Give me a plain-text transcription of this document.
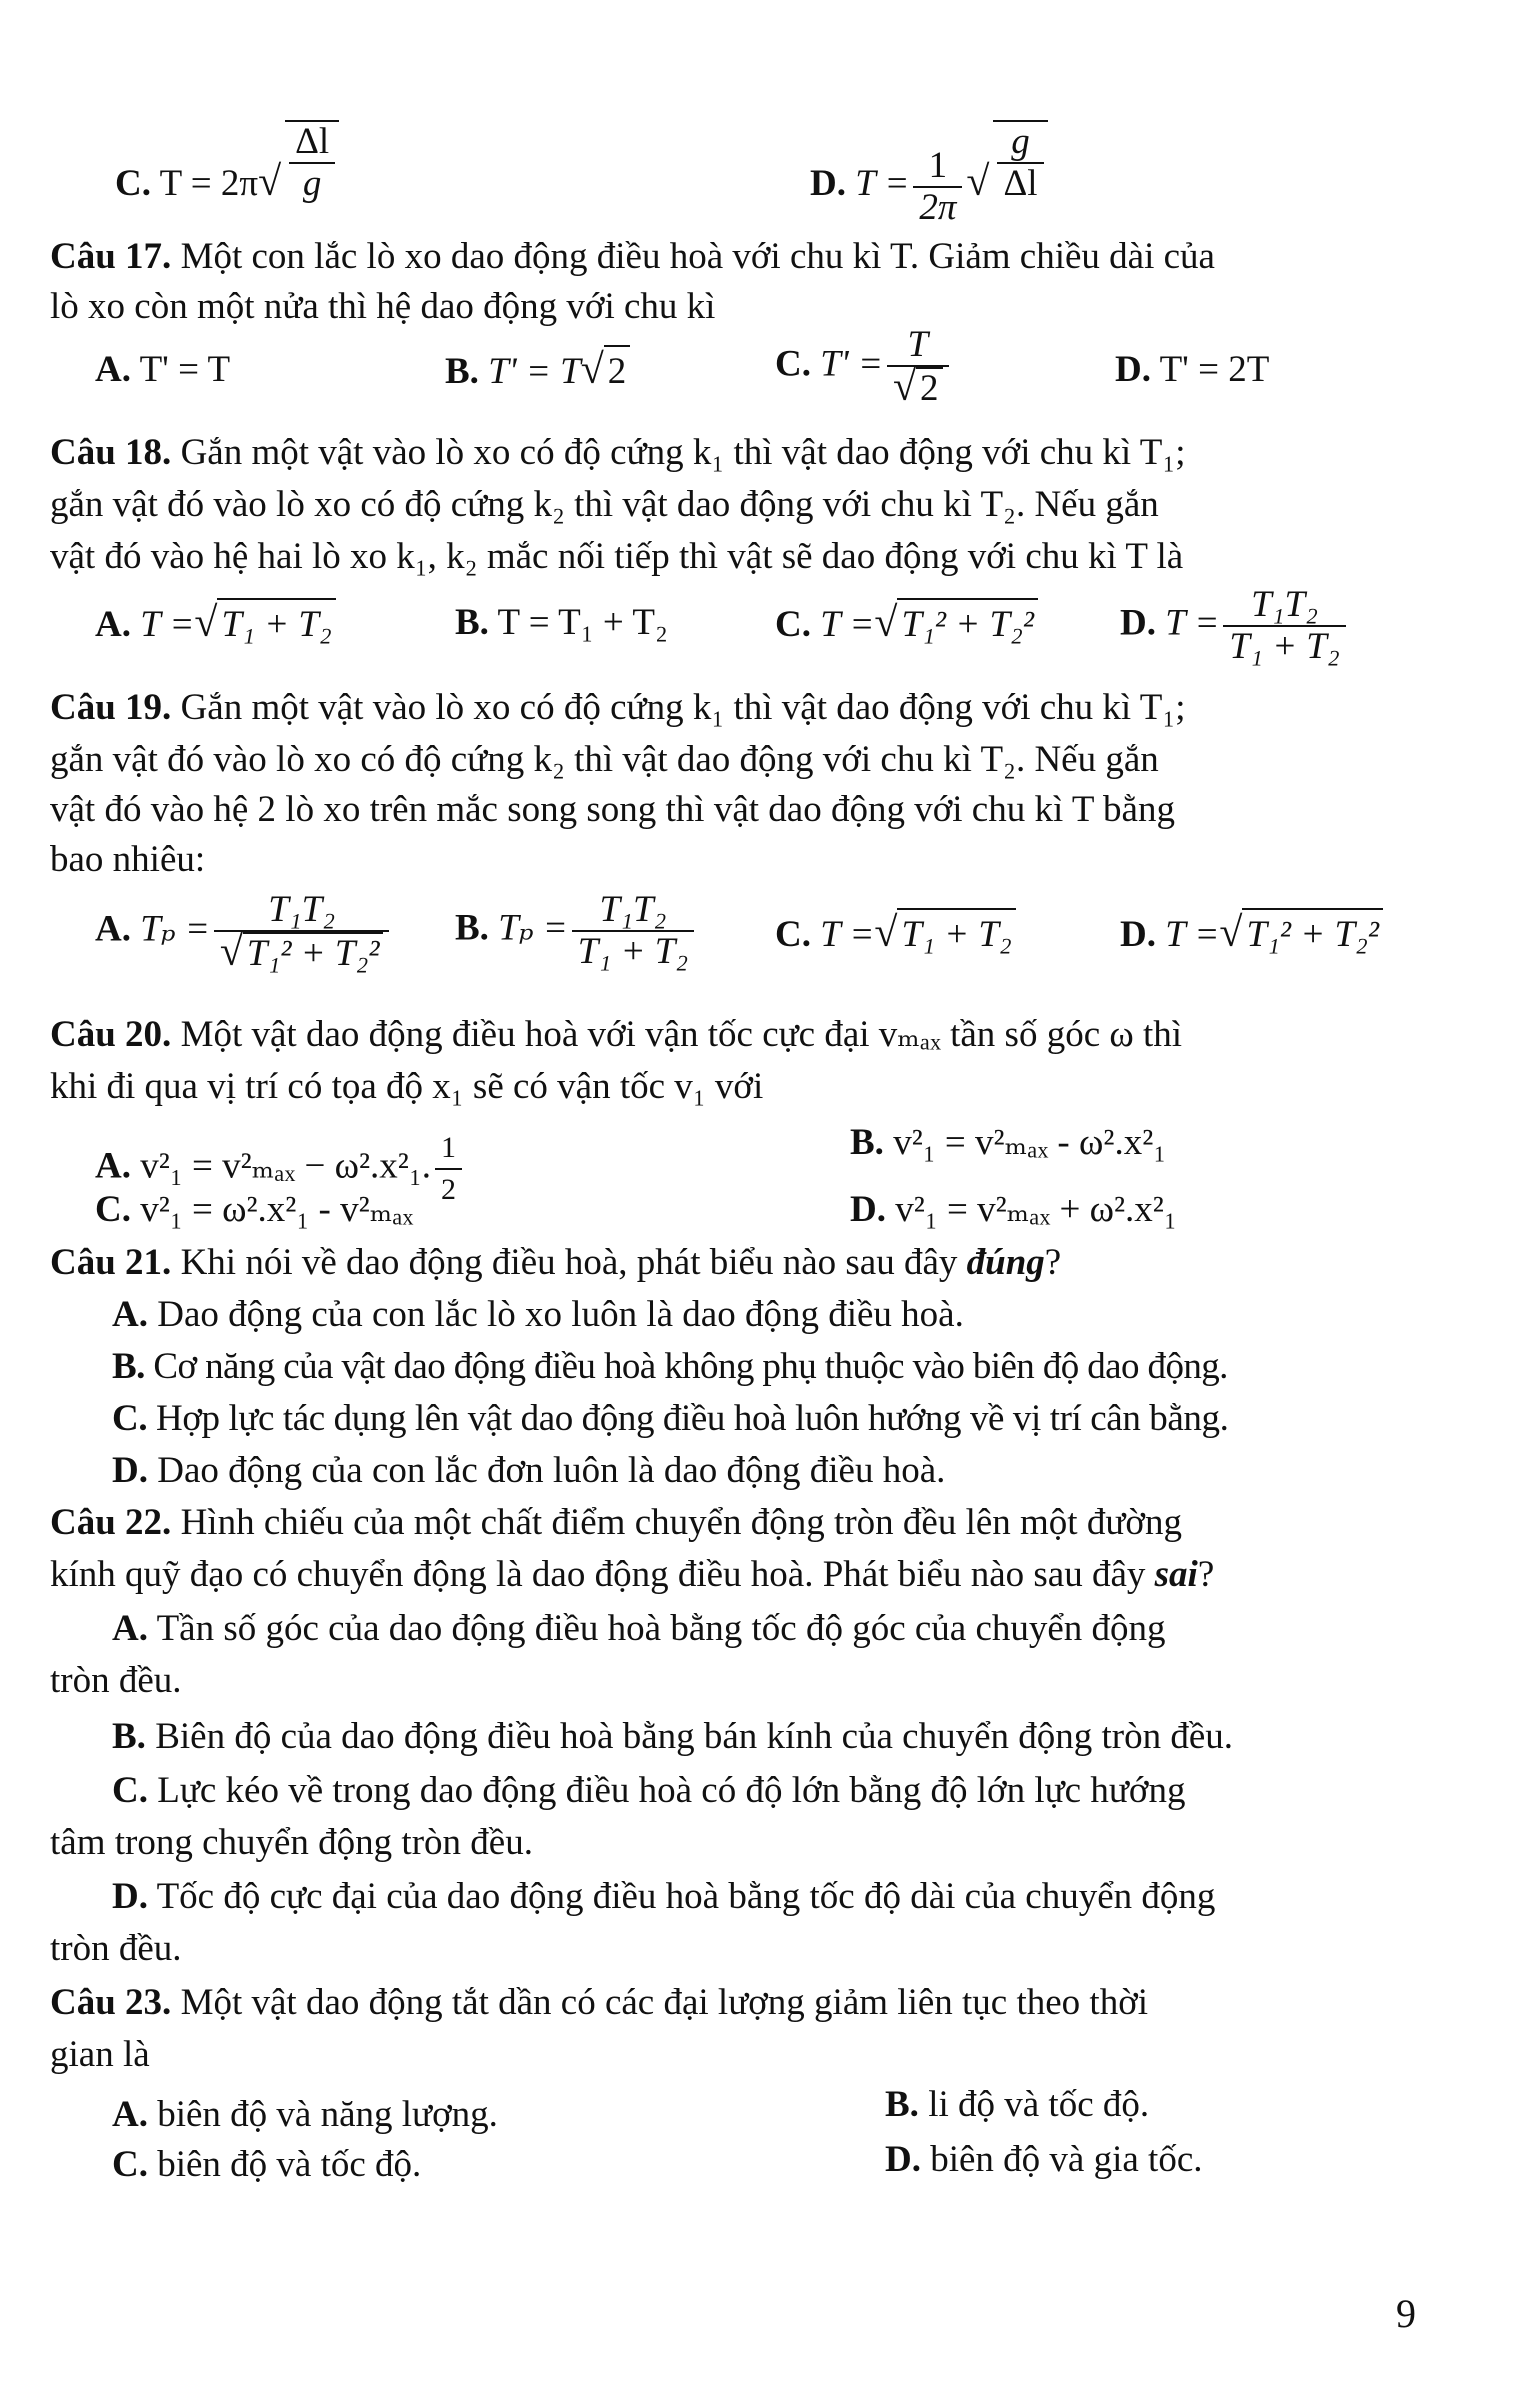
C. $T = 2\pi√ \frac{\Delta l}{g}$	D. $T = \frac{1}{2\pi}$ √ $\frac{g}{\Delta l}$
Câu 17. Một con lắc lò xo dao động điều hoà với chu kì T. Giảm chiều dài của
lò xo còn một nửa thì hệ dao động với chu kì
A. T' = T	B. T' = T√ 2	C. $T' = \frac{T}{√ 2}$	D. T' = 2T
Câu 18. Gắn một vật vào lò xo có độ cứng k₁ thì vật dao động với chu kì T₁;
gắn vật đó vào lò xo có độ cứng k₂ thì vật dao động với chu kì T₂. Nếu gắn
vật đó vào hệ hai lò xo k₁, k₂ mắc nối tiếp thì vật sẽ dao động với chu kì T là
A. T =√ T₁ + T₂	B. T = T₁ + T₂	C. T =√ T₁² + T₂² D. $T = \frac{\text{T₁T₂}}{\text{T₁ + T₂}}$
Câu 19. Gắn một vật vào lò xo có độ cứng k₁ thì vật dao động với chu kì T₁;
gắn vật đó vào lò xo có độ cứng k₂ thì vật dao động với chu kì T₂. Nếu gắn
vật đó vào hệ 2 lò xo trên mắc song song thì vật dao động với chu kì T bằng
bao nhiêu:
A. $T_p = \frac{\text{T₁T₂}}{\text{√ T₁² + T₂²}} B$. $T_p = \frac{\text{T₁T₂}}{\text{T₁ + T₂}} C$. T =√ T₁ + T₂	D. T =√ T₁² + T₂²
Câu 20. Một vật dao động điều hoà với vận tốc cực đại vₘₐₓ tần số góc ω thì
khi đi qua vị trí có tọa độ x₁ sẽ có vận tốc v₁ với
A. v²₁ = v²ₘₐₓ − ω².x²₁. $\frac{1}{2}$	B. v²₁ = v²ₘₐₓ - ω².x²₁
C. v²₁ = ω².x²₁ - v²ₘₐₓ	D. v²₁ = v²ₘₐₓ + ω².x²₁
Câu 21. Khi nói về dao động điều hoà, phát biểu nào sau đây đúng?
A. Dao động của con lắc lò xo luôn là dao động điều hoà.
B. Cơ năng của vật dao động điều hoà không phụ thuộc vào biên độ dao động.
C. Hợp lực tác dụng lên vật dao động điều hoà luôn hướng về vị trí cân bằng.
D. Dao động của con lắc đơn luôn là dao động điều hoà.
Câu 22. Hình chiếu của một chất điểm chuyển động tròn đều lên một đường
kính quỹ đạo có chuyển động là dao động điều hoà. Phát biểu nào sau đây sai?
A. Tần số góc của dao động điều hoà bằng tốc độ góc của chuyển động
tròn đều.
B. Biên độ của dao động điều hoà bằng bán kính của chuyển động tròn đều.
C. Lực kéo về trong dao động điều hoà có độ lớn bằng độ lớn lực hướng
tâm trong chuyển động tròn đều.
D. Tốc độ cực đại của dao động điều hoà bằng tốc độ dài của chuyển động
tròn đều.
Câu 23. Một vật dao động tắt dần có các đại lượng giảm liên tục theo thời
gian là
A. biên độ và năng lượng.	B. li độ và tốc độ.
C. biên độ và tốc độ.	D. biên độ và gia tốc.
9
